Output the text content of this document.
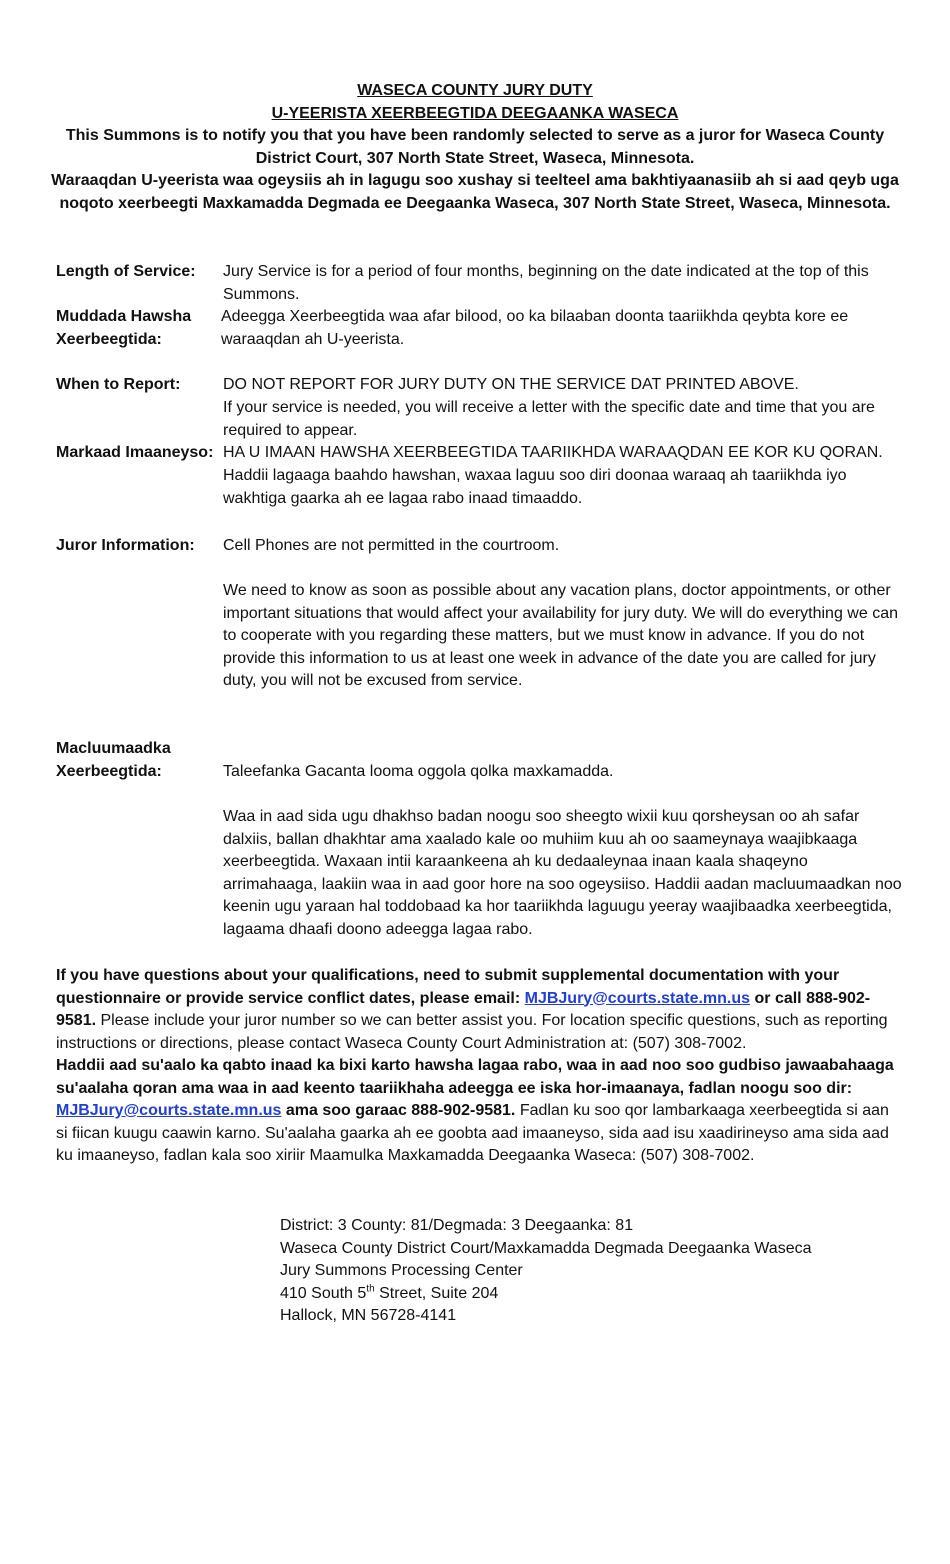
WASECA COUNTY JURY DUTY
U-YEERISTA XEERBEEGTIDA DEEGAANKA WASECA
This Summons is to notify you that you have been randomly selected to serve as a juror for Waseca County District Court, 307 North State Street, Waseca, Minnesota.
Waraaqdan U-yeerista waa ogeysiis ah in lagugu soo xushay si teelteel ama bakhtiyaanasiib ah si aad qeyb uga noqoto xeerbeegti Maxkamadda Degmada ee Deegaanka Waseca, 307 North State Street, Waseca, Minnesota.
Length of Service:	Jury Service is for a period of four months, beginning on the date indicated at the top of this Summons.
Muddada Hawsha
Xeerbeegtida:
Adeegga Xeerbeegtida waa afar bilood, oo ka bilaaban doonta taariikhda qeybta kore ee waraaqdan ah U-yeerista.
When to Report:	DO NOT REPORT FOR JURY DUTY ON THE SERVICE DAT PRINTED ABOVE.
If your service is needed, you will receive a letter with the specific date and time that you are required to appear.
Markaad Imaaneyso: HA U IMAAN HAWSHA XEERBEEGTIDA TAARIIKHDA WARAAQDAN EE KOR KU QORAN.
Haddii lagaaga baahdo hawshan, waxaa laguu soo diri doonaa waraaq ah taariikhda iyo wakhtiga gaarka ah ee lagaa rabo inaad timaaddo.
Juror Information:	Cell Phones are not permitted in the courtroom.
We need to know as soon as possible about any vacation plans, doctor appointments, or other important situations that would affect your availability for jury duty. We will do everything we can to cooperate with you regarding these matters, but we must know in advance. If you do not provide this information to us at least one week in advance of the date you are called for jury duty, you will not be excused from service.
Macluumaadka
Xeerbeegtida:	Taleefanka Gacanta looma oggola qolka maxkamadda.
Waa in aad sida ugu dhakhso badan noogu soo sheegto wixii kuu qorsheysan oo ah safar dalxiis, ballan dhakhtar ama xaalado kale oo muhiim kuu ah oo saameynaya waajibkaaga xeerbeegtida. Waxaan intii karaankeena ah ku dedaaleynaa inaan kaala shaqeyno arrimahaaga, laakiin waa in aad goor hore na soo ogeysiiso. Haddii aadan macluumaadkan noo keenin ugu yaraan hal toddobaad ka hor taariikhda laguugu yeeray waajibaadka xeerbeegtida, lagaama dhaafi doono adeegga lagaa rabo.
If you have questions about your qualifications, need to submit supplemental documentation with your questionnaire or provide service conflict dates, please email: MJBJury@courts.state.mn.us or call 888-902-9581. Please include your juror number so we can better assist you. For location specific questions, such as reporting instructions or directions, please contact Waseca County Court Administration at: (507) 308-7002.
Haddii aad su'aalo ka qabto inaad ka bixi karto hawsha lagaa rabo, waa in aad noo soo gudbiso jawaabahaaga su'aalaha qoran ama waa in aad keento taariikhaha adeegga ee iska hor-imaanaya, fadlan noogu soo dir: MJBJury@courts.state.mn.us ama soo garaac 888-902-9581. Fadlan ku soo qor lambarkaaga xeerbeegtida si aan si fiican kuugu caawin karno. Su'aalaha gaarka ah ee goobta aad imaaneyso, sida aad isu xaadirineyso ama sida aad ku imaaneyso, fadlan kala soo xiriir Maamulka Maxkamadda Deegaanka Waseca: (507) 308-7002.
District: 3 County: 81/Degmada: 3 Deegaanka: 81
Waseca County District Court/Maxkamadda Degmada Deegaanka Waseca
Jury Summons Processing Center
410 South 5th Street, Suite 204
Hallock, MN 56728-4141
